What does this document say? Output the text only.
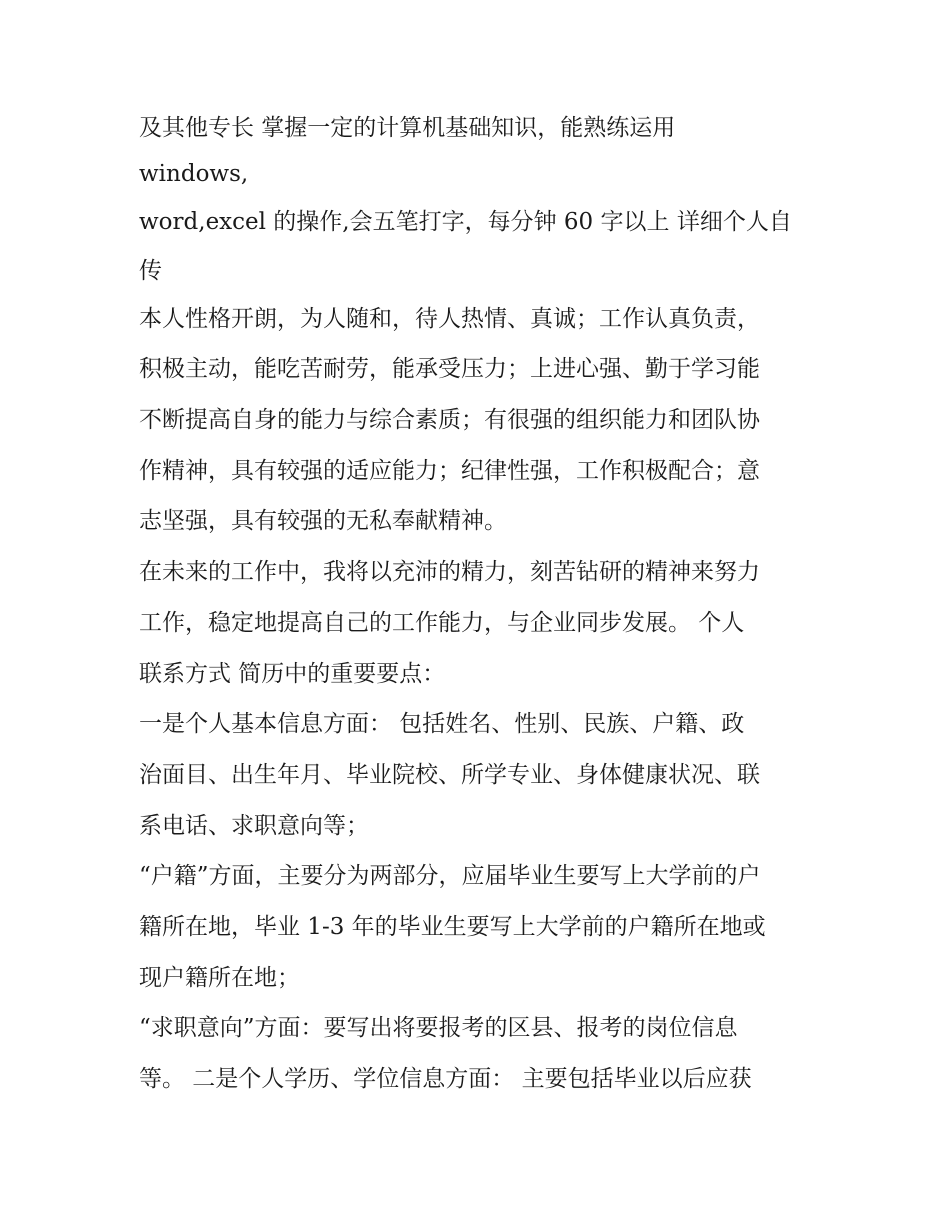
及其他专长 掌握一定的计算机基础知识，能熟练运用
windows,
word,excel 的操作,会五笔打字，每分钟 60 字以上 详细个人自
传
本人性格开朗，为人随和，待人热情、真诚；工作认真负责，
积极主动，能吃苦耐劳，能承受压力；上进心强、勤于学习能
不断提高自身的能力与综合素质；有很强的组织能力和团队协
作精神，具有较强的适应能力；纪律性强，工作积极配合；意
志坚强，具有较强的无私奉献精神。
在未来的工作中，我将以充沛的精力，刻苦钻研的精神来努力
工作，稳定地提高自己的工作能力，与企业同步发展。 个人
联系方式 简历中的重要要点：
一是个人基本信息方面： 包括姓名、性别、民族、户籍、政
治面目、出生年月、毕业院校、所学专业、身体健康状况、联
系电话、求职意向等；
“户籍”方面，主要分为两部分，应届毕业生要写上大学前的户
籍所在地，毕业 1-3 年的毕业生要写上大学前的户籍所在地或
现户籍所在地；
“求职意向”方面：要写出将要报考的区县、报考的岗位信息
等。 二是个人学历、学位信息方面： 主要包括毕业以后应获
